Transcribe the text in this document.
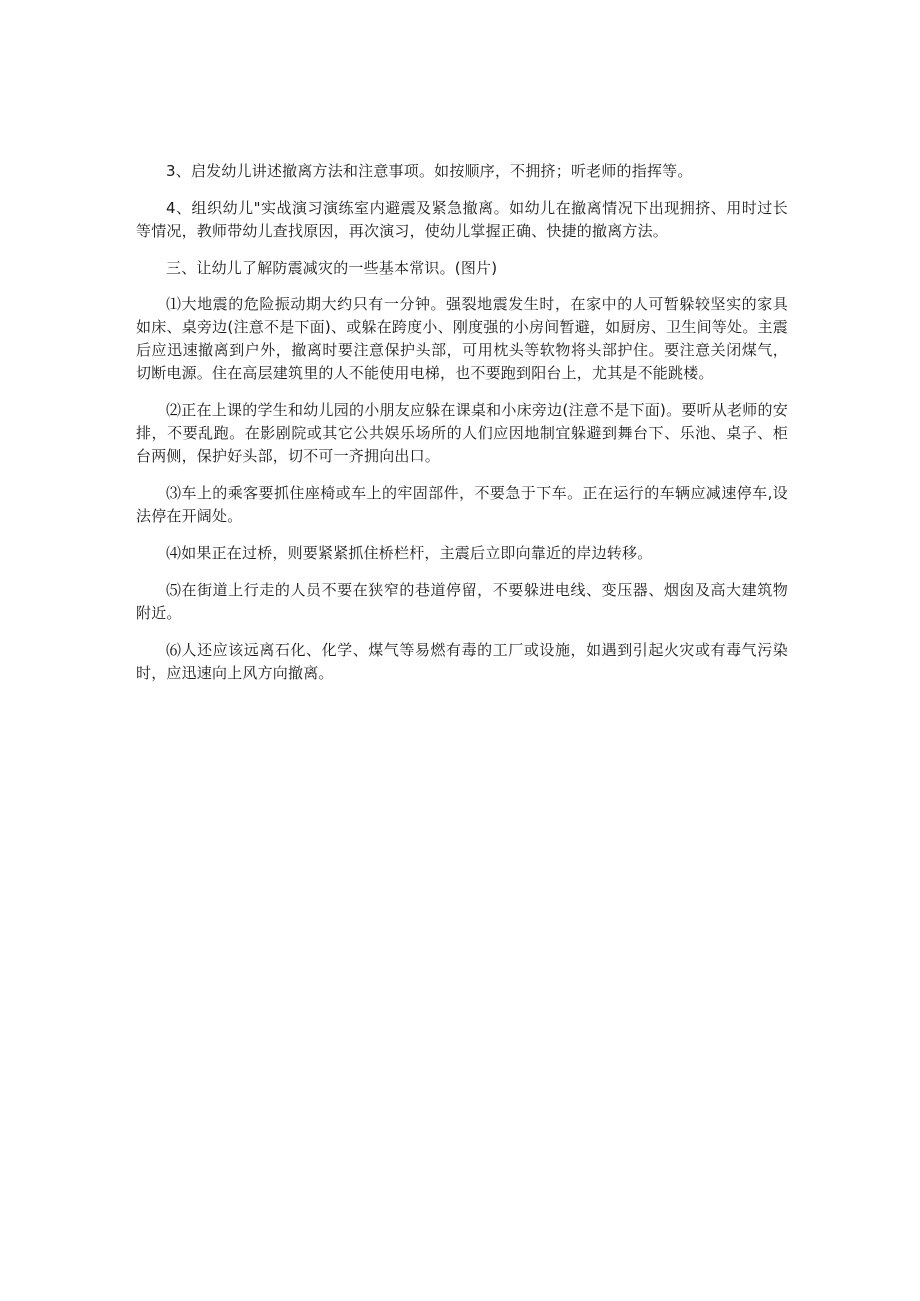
3、启发幼儿讲述撤离方法和注意事项。如按顺序，不拥挤；听老师的指挥等。

4、组织幼儿"实战演习演练室内避震及紧急撤离。如幼儿在撤离情况下出现拥挤、用时过长等情况，教师带幼儿查找原因，再次演习，使幼儿掌握正确、快捷的撤离方法。

三、让幼儿了解防震减灾的一些基本常识。(图片)

⑴大地震的危险振动期大约只有一分钟。强裂地震发生时，在家中的人可暂躲较坚实的家具如床、桌旁边(注意不是下面)、或躲在跨度小、刚度强的小房间暂避，如厨房、卫生间等处。主震后应迅速撤离到户外，撤离时要注意保护头部，可用枕头等软物将头部护住。要注意关闭煤气，切断电源。住在高层建筑里的人不能使用电梯，也不要跑到阳台上，尤其是不能跳楼。

⑵正在上课的学生和幼儿园的小朋友应躲在课桌和小床旁边(注意不是下面)。要听从老师的安排，不要乱跑。在影剧院或其它公共娱乐场所的人们应因地制宜躲避到舞台下、乐池、桌子、柜台两侧，保护好头部，切不可一齐拥向出口。

⑶车上的乘客要抓住座椅或车上的牢固部件，不要急于下车。正在运行的车辆应减速停车,设法停在开阔处。

⑷如果正在过桥，则要紧紧抓住桥栏杆，主震后立即向靠近的岸边转移。

⑸在街道上行走的人员不要在狭窄的巷道停留，不要躲进电线、变压器、烟囱及高大建筑物附近。

⑹人还应该远离石化、化学、煤气等易燃有毒的工厂或设施，如遇到引起火灾或有毒气污染时，应迅速向上风方向撤离。
